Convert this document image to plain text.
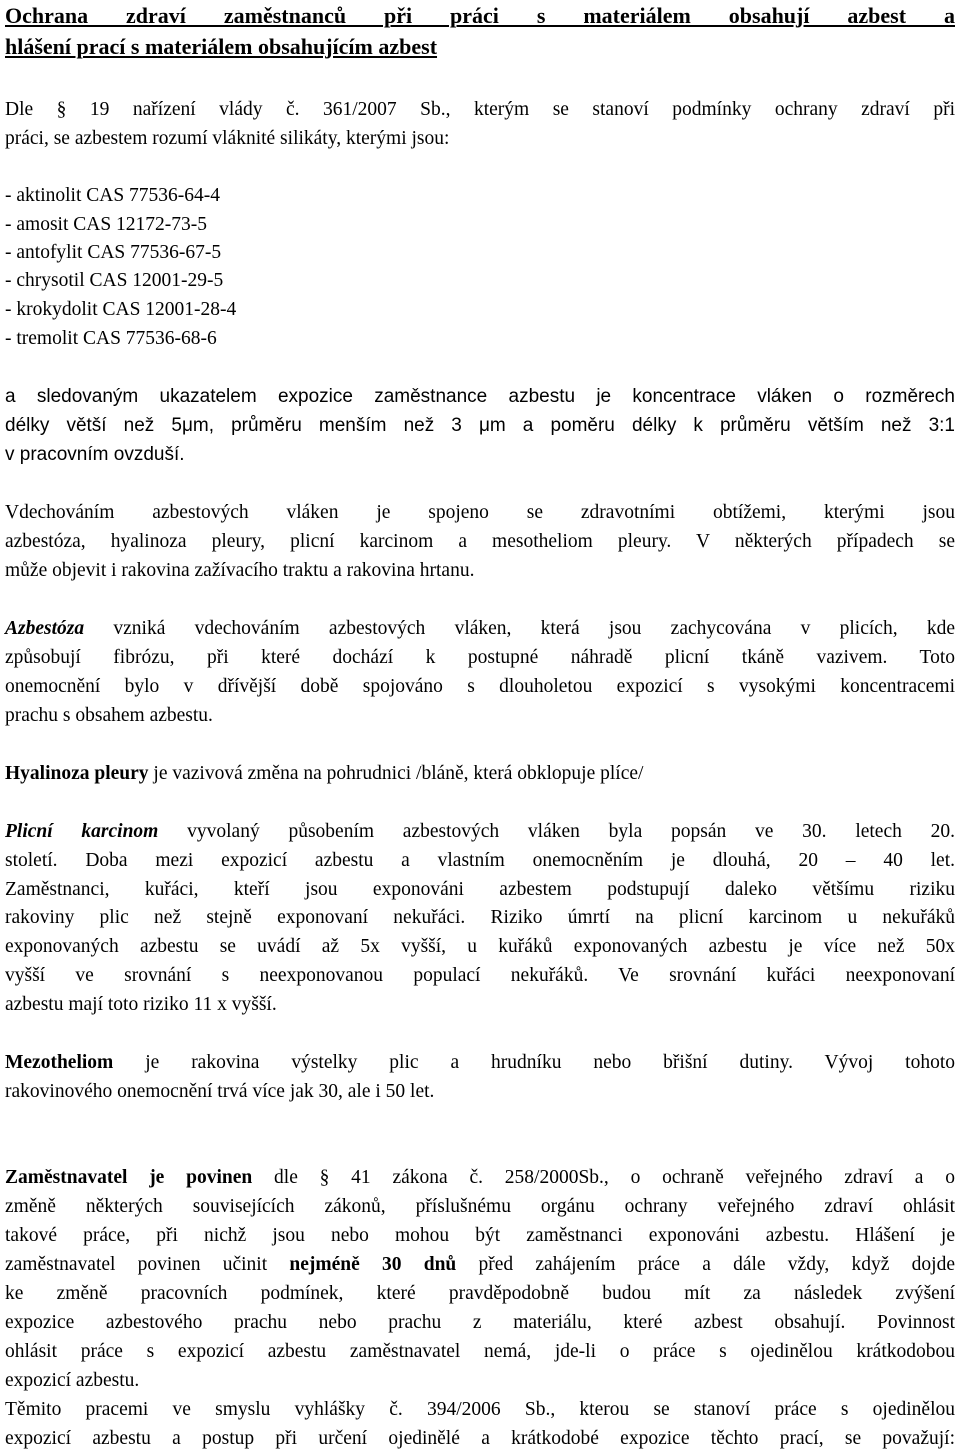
Ochrana zdraví zaměstnanců při práci s materiálem obsahují azbest a
hlášení prací s materiálem obsahujícím azbest
Dle § 19 nařízení vlády č. 361/2007 Sb., kterým se stanoví podmínky ochrany zdraví při
práci, se azbestem rozumí vláknité silikáty, kterými jsou:
- aktinolit CAS 77536-64-4
- amosit CAS 12172-73-5
- antofylit CAS 77536-67-5
- chrysotil CAS 12001-29-5
- krokydolit CAS 12001-28-4
- tremolit CAS 77536-68-6
a sledovaným ukazatelem expozice zaměstnance azbestu je koncentrace vláken o rozměrech
délky větší než 5μm, průměru menším než 3 μm a poměru délky k průměru větším než 3:1
v pracovním ovzduší.
Vdechováním azbestových vláken je spojeno se zdravotními obtížemi, kterými jsou
azbestóza, hyalinoza pleury, plicní karcinom a mesotheliom pleury. V některých případech se
může objevit i rakovina zažívacího traktu a rakovina hrtanu.
Azbestóza vzniká vdechováním azbestových vláken, která jsou zachycována v plicích, kde
způsobují fibrózu, při které dochází k postupné náhradě plicní tkáně vazivem. Toto
onemocnění bylo v dřívější době spojováno s dlouholetou expozicí s vysokými koncentracemi
prachu s obsahem azbestu.
Hyalinoza pleury je vazivová změna na pohrudnici /bláně, která obklopuje plíce/
Plicní karcinom vyvolaný působením azbestových vláken byla popsán ve 30. letech 20.
století. Doba mezi expozicí azbestu a vlastním onemocněním je dlouhá, 20 – 40 let.
Zaměstnanci, kuřáci, kteří jsou exponováni azbestem podstupují daleko většímu riziku
rakoviny plic než stejně exponovaní nekuřáci. Riziko úmrtí na plicní karcinom u nekuřáků
exponovaných azbestu se uvádí až 5x vyšší, u kuřáků exponovaných azbestu je více než 50x
vyšší ve srovnání s neexponovanou populací nekuřáků. Ve srovnání kuřáci neexponovaní
azbestu mají toto riziko 11 x vyšší.
Mezotheliom je rakovina výstelky plic a hrudníku nebo břišní dutiny. Vývoj tohoto
rakovinového onemocnění trvá více jak 30, ale i 50 let.
Zaměstnavatel je povinen dle § 41 zákona č. 258/2000Sb., o ochraně veřejného zdraví a o
změně některých souvisejících zákonů, příslušnému orgánu ochrany veřejného zdraví ohlásit
takové práce, při nichž jsou nebo mohou být zaměstnanci exponováni azbestu. Hlášení je
zaměstnavatel povinen učinit nejméně 30 dnů před zahájením práce a dále vždy, když dojde
ke změně pracovních podmínek, které pravděpodobně budou mít za následek zvýšení
expozice azbestového prachu nebo prachu z materiálu, které azbest obsahují. Povinnost
ohlásit práce s expozicí azbestu zaměstnavatel nemá, jde-li o práce s ojedinělou krátkodobou
expozicí azbestu.
Těmito pracemi ve smyslu vyhlášky č. 394/2006 Sb., kterou se stanoví práce s ojedinělou
expozicí azbestu a postup při určení ojedinělé a krátkodobé expozice těchto prací, se považují:
